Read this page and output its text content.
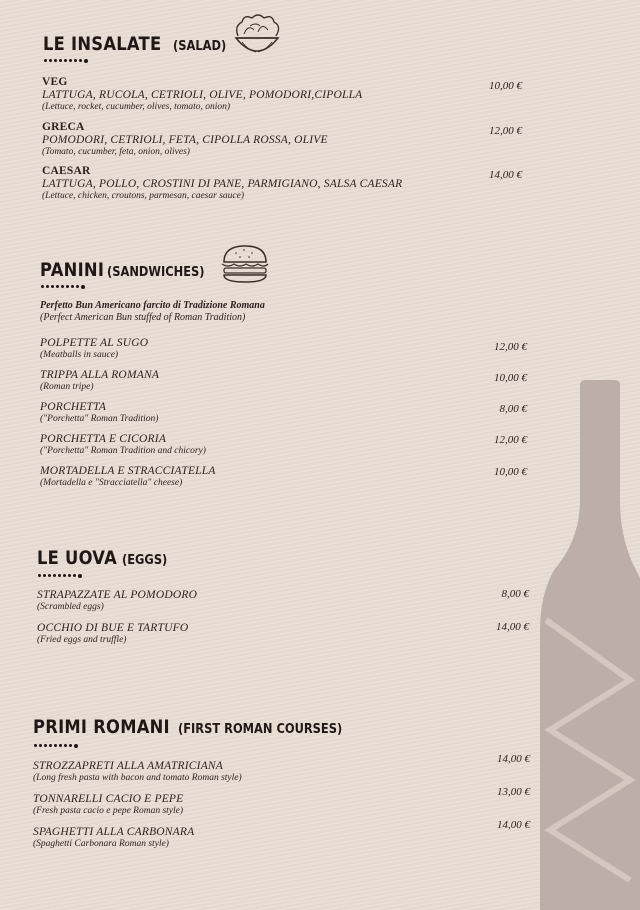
LE INSALATE (SALAD)
VEG
LATTUGA, RUCOLA, CETRIOLI, OLIVE, POMODORI,CIPOLLA
(Lettuce, rocket, cucumber, olives, tomato, onion)
10,00 €
GRECA
POMODORI, CETRIOLI, FETA, CIPOLLA ROSSA, OLIVE
(Tomato, cucumber, feta, onion, olives)
12,00 €
CAESAR
LATTUGA, POLLO, CROSTINI DI PANE, PARMIGIANO, SALSA CAESAR
(Lettuce, chicken, croutons, parmesan, caesar sauce)
14,00 €
PANINI (SANDWICHES)
Perfetto Bun Americano farcito di Tradizione Romana
(Perfect American Bun stuffed of Roman Tradition)
POLPETTE AL SUGO
(Meatballs in sauce)
12,00 €
TRIPPA ALLA ROMANA
(Roman tripe)
10,00 €
PORCHETTA
("Porchetta" Roman Tradition)
8,00 €
PORCHETTA E CICORIA
("Porchetta" Roman Tradition and chicory)
12,00 €
MORTADELLA E STRACCIATELLA
(Mortadella e "Stracciatella" cheese)
10,00 €
LE UOVA (EGGS)
STRAPAZZATE AL POMODORO
(Scrambled eggs)
8,00 €
OCCHIO DI BUE E TARTUFO
(Fried eggs and truffle)
14,00 €
PRIMI ROMANI (FIRST ROMAN COURSES)
STROZZAPRETI ALLA AMATRICIANA
(Long fresh pasta with bacon and tomato Roman style)
14,00 €
TONNARELLI CACIO E PEPE
(Fresh pasta cacio e pepe Roman style)
13,00 €
SPAGHETTI ALLA CARBONARA
(Spaghetti Carbonara Roman style)
14,00 €
